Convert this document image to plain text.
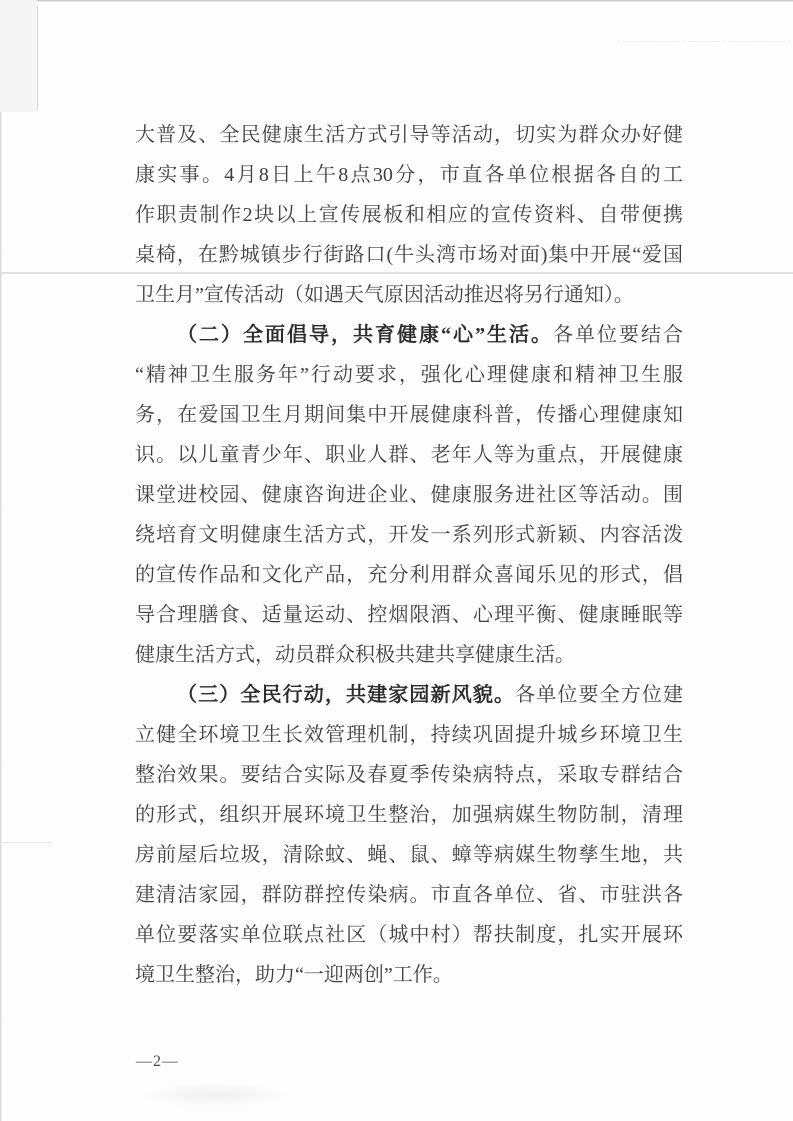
大普及、全民健康生活方式引导等活动，切实为群众办好健
康实事。4月8日上午8点30分，市直各单位根据各自的工
作职责制作2块以上宣传展板和相应的宣传资料、自带便携
桌椅，在黔城镇步行街路口(牛头湾市场对面)集中开展“爱国
卫生月”宣传活动（如遇天气原因活动推迟将另行通知）。
（二）全面倡导，共育健康“心”生活。各单位要结合
“精神卫生服务年”行动要求，强化心理健康和精神卫生服
务，在爱国卫生月期间集中开展健康科普，传播心理健康知
识。以儿童青少年、职业人群、老年人等为重点，开展健康
课堂进校园、健康咨询进企业、健康服务进社区等活动。围
绕培育文明健康生活方式，开发一系列形式新颖、内容活泼
的宣传作品和文化产品，充分利用群众喜闻乐见的形式，倡
导合理膳食、适量运动、控烟限酒、心理平衡、健康睡眠等
健康生活方式，动员群众积极共建共享健康生活。
（三）全民行动，共建家园新风貌。各单位要全方位建
立健全环境卫生长效管理机制，持续巩固提升城乡环境卫生
整治效果。要结合实际及春夏季传染病特点，采取专群结合
的形式，组织开展环境卫生整治，加强病媒生物防制，清理
房前屋后垃圾，清除蚊、蝇、鼠、蟑等病媒生物孳生地，共
建清洁家园，群防群控传染病。市直各单位、省、市驻洪各
单位要落实单位联点社区（城中村）帮扶制度，扎实开展环
境卫生整治，助力“一迎两创”工作。
—2—
